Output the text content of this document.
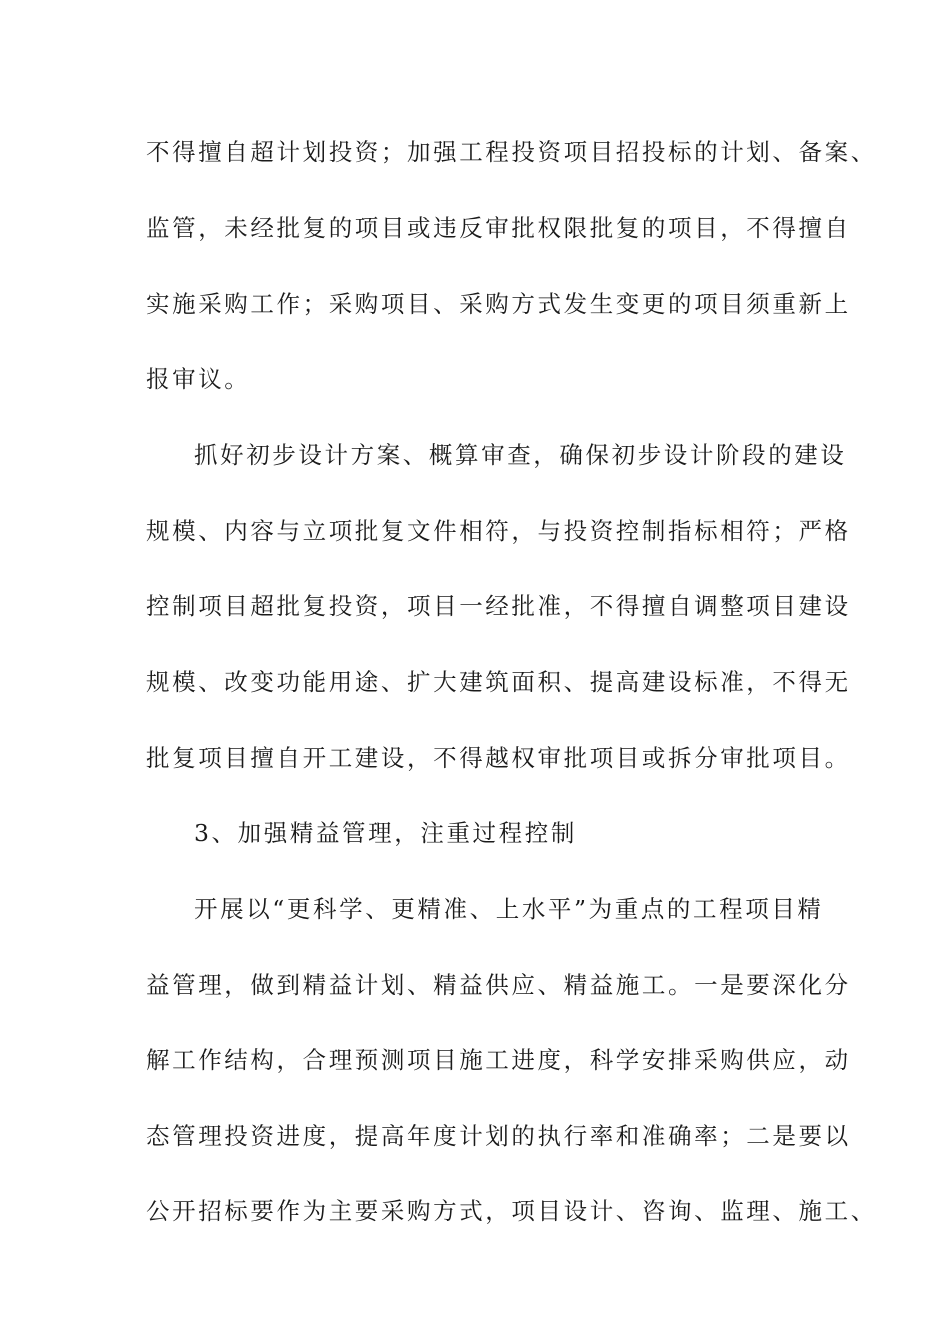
不得擅自超计划投资；加强工程投资项目招投标的计划、备案、
监管，未经批复的项目或违反审批权限批复的项目，不得擅自
实施采购工作；采购项目、采购方式发生变更的项目须重新上
报审议。
抓好初步设计方案、概算审查，确保初步设计阶段的建设
规模、内容与立项批复文件相符，与投资控制指标相符；严格
控制项目超批复投资，项目一经批准，不得擅自调整项目建设
规模、改变功能用途、扩大建筑面积、提高建设标准，不得无
批复项目擅自开工建设，不得越权审批项目或拆分审批项目。
3、加强精益管理，注重过程控制
开展以“更科学、更精准、上水平”为重点的工程项目精
益管理，做到精益计划、精益供应、精益施工。一是要深化分
解工作结构，合理预测项目施工进度，科学安排采购供应，动
态管理投资进度，提高年度计划的执行率和准确率；二是要以
公开招标要作为主要采购方式，项目设计、咨询、监理、施工、
